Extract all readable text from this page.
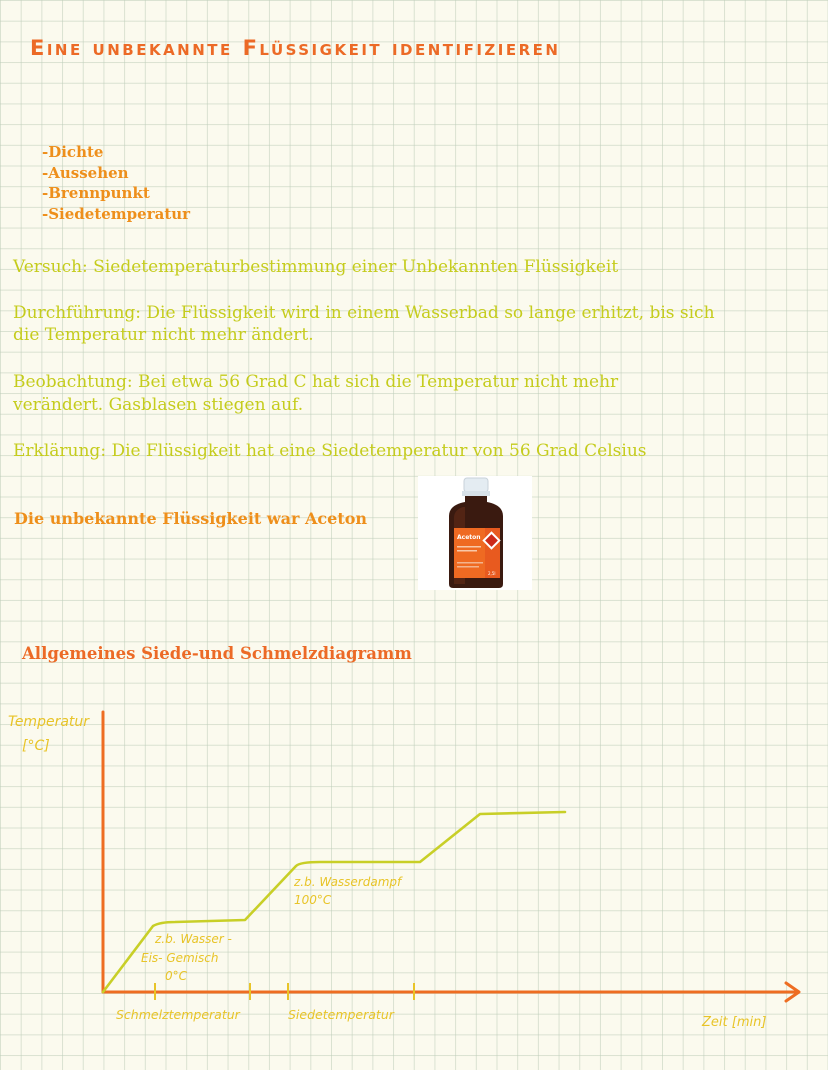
Eine unbekannte Flüssigkeit identifizieren
-Dichte
-Aussehen
-Brennpunkt
-Siedetemperatur

Versuch: Siedetemperaturbestimmung einer Unbekannten Flüssigkeit

Durchführung: Die Flüssigkeit wird in einem Wasserbad so lange erhitzt, bis sich

die Temperatur nicht mehr ändert.

Beobachtung: Bei etwa 56 Grad C hat sich die Temperatur nicht mehr

verändert. Gasblasen stiegen auf.

Erklärung: Die Flüssigkeit hat eine Siedetemperatur von 56 Grad Celsius

Die unbekannte Flüssigkeit war Aceton

Aceton
2,5l

Allgemeines Siede-und Schmelzdiagramm

Temperatur
[°C]
Zeit [min]
z.b. Wasser -
Eis- Gemisch
0°C
z.b. Wasserdampf
100°C
Schmelztemperatur	Siedetemperatur
